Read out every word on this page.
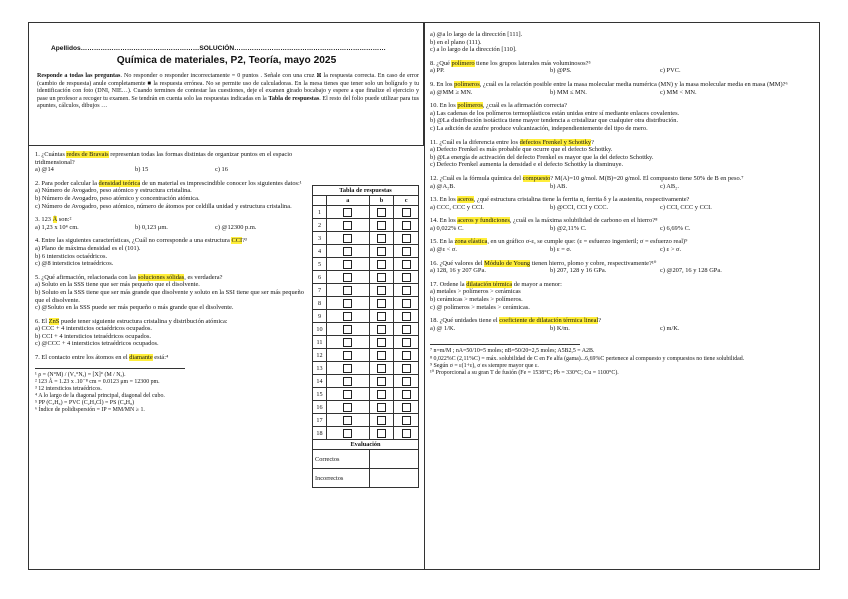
Apellidos………………………………………………SOLUCIÓN……………………………………………………………
Química de materiales, P2, Teoría, mayo 2025
Responde a todas las preguntas. No responder o responder incorrectamente = 0 puntos . Señale con una cruz ⊠ la respuesta correcta. En caso de error (cambio de respuesta) anule completamente ■ la respuesta errónea. No se permite uso de calculadoras. En la mesa tienes que tener solo un bolígrafo y tu identificación con foto (DNI, NIE…). Cuando termines de contestar las cuestiones, deje el examen girado bocabajo y espere a que finalize el ejercicio y pase un profesor a recoger tu examen. Se tendrán en cuenta solo las respuestas indicadas en la Tabla de respuestas. El resto del folio puede utilizar para tus apuntes, cálculos, dibujos …

1. ¿Cuántas redes de Bravais representan todas las formas distintas de organizar puntos en el espacio tridimensional?

a) @14	b) 15	c) 16

2. Para poder calcular la densidad teórica de un material es imprescindible conocer los siguientes datos:¹

a) Número de Avogadro, peso atómico y estructura cristalina.

b) Número de Avogadro, peso atómico y concentración atómica.

c) Número de Avogadro, peso atómico, número de átomos por celdilla unidad y estructura cristalina.

3. 123 Å son:²

a) 1,23 x 10⁴ cm.	b) 0,123 μm.	c) @12300 p.m.

4. Entre las siguientes características, ¿Cuál no corresponde a una estructura CCI?³

a) Plano de máxima densidad es el (101).

b) 6 intersticios octaédricos.

c) @8 intersticios tetraédricos.

5. ¿Qué afirmación, relacionada con las soluciones sólidas, es verdadera?

a) Soluto en la SSS tiene que ser más pequeño que el disolvente.

b) Soluto en la SSS tiene que ser más grande que disolvente y soluto en la SSI tiene que ser más pequeño que el disolvente.

c) @Soluto en la SSS puede ser más pequeño o más grande que el disolvente.

6. El ZnS puede tener siguiente estructura cristalina y distribución atómica:

a) CCC + 4 intersticios octaédricos ocupados.

b) CCI + 4 intersticios tetraédricos ocupados.

c) @CCC + 4 intersticios tetraédricos ocupados.

7. El contacto entre los átomos en el diamante está:⁴

¹ ρ = (N°M) / (V꜀°Nₐ) = [X]° (M / Nₐ).

² 123 Å = 1.23 x .10⁻⁸ cm = 0.0123 μm = 12300 pm.

³ 12 intersticios tetraédricos.

⁴ A lo largo de la diagonal principal, diagonal del cubo.

⁵ PP (C₃H₆) = PVC (C₂H₃Cl) = PS (C₈H₈)

⁶ Índice de polidispersión = IP = MM/MN ≥ 1.

Tabla de respuestas			
	a	b	c
1			
2			
3			
4			
5			
6			
7			
8			
9			
10			
11			
12			
13			
14			
15			
16			
17			
18			
Evaluación			
Correctos			
Incorrectos			

a) @a lo largo de la dirección [111].

b) en el plano (111).

c) a lo largo de la dirección [110].

8. ¿Qué polímero tiene los grupos laterales más voluminosos?⁵

a) PP.	b) @PS.	c) PVC.

9. En los polímeros, ¿cuál es la relación posible entre la masa molecular media numérica (MN) y la masa molecular media en masa (MM)?⁶

a) @MM ≥ MN.	b) MM ≤ MN.	c) MM < MN.

10. En los polímeros, ¿cuál es la afirmación correcta?

a) Las cadenas de los polímeros termoplásticos están unidas entre sí mediante enlaces covalentes.

b) @La distribución isotáctica tiene mayor tendencia a cristalizar que cualquier otra distribución.

c) La adición de azufre produce vulcanización, independientemente del tipo de mero.

11. ¿Cuál es la diferencia entre los defectos Frenkel y Schottky?

a) Defecto Frenkel es más probable que ocurre que el defecto Schottky.

b) @La energía de activación del defecto Frenkel es mayor que la del defecto Schottky.

c) Defecto Frenkel aumenta la densidad e el defecto Schottky la disminuye.

12. ¿Cuál es la fórmula química del compuesto? M(A)=10 g/mol. M(B)=20 g/mol. El compuesto tiene 50% de B en peso.⁷

a) @A₂B.	b) AB.	c) AB₂.

13. En los aceros, ¿qué estructura cristalina tiene la ferrita α, ferrita δ y la austenita, respectivamente?

a) CCC, CCC y CCI.	b) @CCI, CCI y CCC.	c) CCI, CCC y CCI.

14. En los aceros y fundiciones, ¿cuál es la máxima solubilidad de carbono en el hierro?⁸

a) 0,022% C.	b) @2,11% C.	c) 6,69% C.

15. En la zona elástica, en un gráfico σ-ε, se cumple que: (ε = esfuerzo ingenieril; σ = esfuerzo real)⁹

a) @ε < σ.	b) ε = σ.	c) ε > σ.

16. ¿Qué valores del Módulo de Young tienen hierro, plomo y cobre, respectivamente?¹⁰

a) 128, 16 y 207 GPa.	b) 207, 128 y 16 GPa.	c) @207, 16 y 128 GPa.

17. Ordene la dilatación térmica de mayor a menor:

a) metales > polímeros > cerámicas

b) cerámicas > metales > polímeros.

c) @ polímeros > metales > cerámicas.

18. ¿Qué unidades tiene el coeficiente de dilatación térmica lineal?

a) @ 1/K.	b) K/m.	c) m/K.

⁷ n=m/M ; nA=50/10=5 moles; nB=50/20=2,5 moles; A5B2,5 = A2B.

⁸ 0,022%C (2,11%C) = máx. solubilidad de C en Fe alfa (gama)...6,69%C pertenece al compuesto y compuestos no tiene solubilidad.

⁹ Según σ = ε(1+ε), σ es siempre mayor que ε.

¹⁰ Proporcional a su gran T de fusión (Fe = 1538°C; Pb = 330°C; Cu = 1100°C).
